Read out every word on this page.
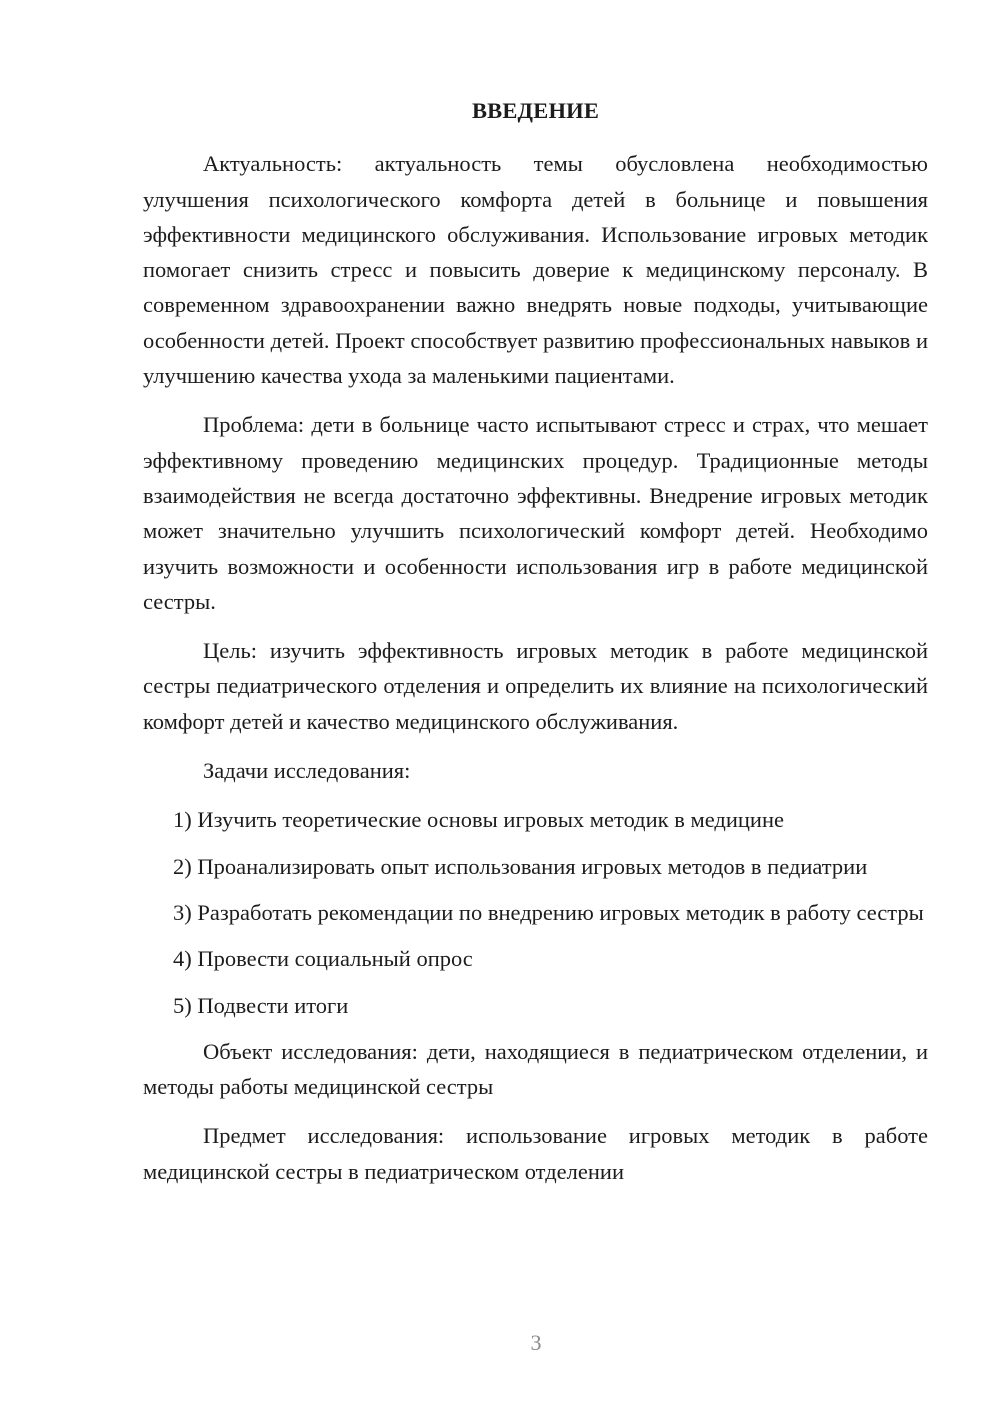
ВВЕДЕНИЕ

Актуальность: актуальность темы обусловлена необходимостью улучшения психологического комфорта детей в больнице и повышения эффективности медицинского обслуживания. Использование игровых методик помогает снизить стресс и повысить доверие к медицинскому персоналу. В современном здравоохранении важно внедрять новые подходы, учитывающие особенности детей. Проект способствует развитию профессиональных навыков и улучшению качества ухода за маленькими пациентами.

Проблема: дети в больнице часто испытывают стресс и страх, что мешает эффективному проведению медицинских процедур. Традиционные методы взаимодействия не всегда достаточно эффективны. Внедрение игровых методик может значительно улучшить психологический комфорт детей. Необходимо изучить возможности и особенности использования игр в работе медицинской сестры.

Цель: изучить эффективность игровых методик в работе медицинской сестры педиатрического отделения и определить их влияние на психологический комфорт детей и качество медицинского обслуживания.

Задачи исследования:

1) Изучить теоретические основы игровых методик в медицине

2) Проанализировать опыт использования игровых методов в педиатрии

3) Разработать рекомендации по внедрению игровых методик в работу сестры

4) Провести социальный опрос

5) Подвести итоги

Объект исследования: дети, находящиеся в педиатрическом отделении, и методы работы медицинской сестры

Предмет исследования: использование игровых методик в работе медицинской сестры в педиатрическом отделении

3
